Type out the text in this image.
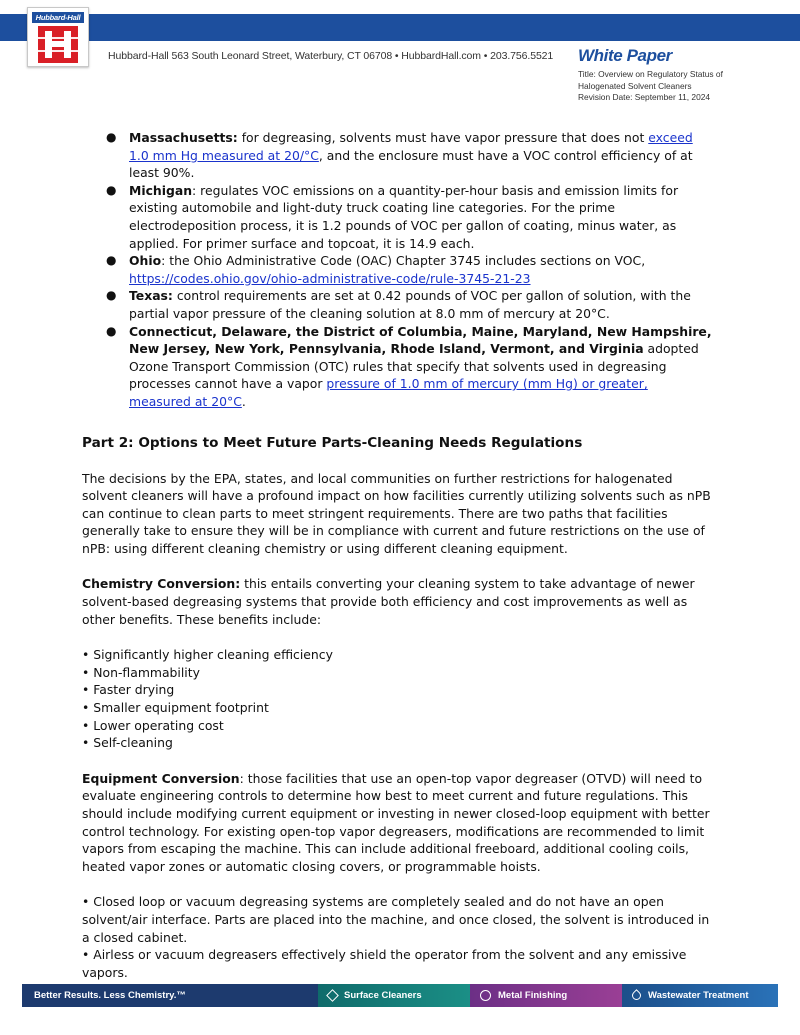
Hubbard-Hall
Hubbard-Hall 563 South Leonard Street, Waterbury, CT 06708 • HubbardHall.com • 203.756.5521 White Paper
Title: Overview on Regulatory Status of
Halogenated Solvent Cleaners
Revision Date: September 11, 2024
● Massachusetts: for degreasing, solvents must have vapor pressure that does not exceed 1.0 mm Hg measured at 20/°C, and the enclosure must have a VOC control efficiency of at least 90%.
● Michigan: regulates VOC emissions on a quantity-per-hour basis and emission limits for existing automobile and light-duty truck coating line categories. For the prime electrodeposition process, it is 1.2 pounds of VOC per gallon of coating, minus water, as applied. For primer surface and topcoat, it is 14.9 each.
● Ohio: the Ohio Administrative Code (OAC) Chapter 3745 includes sections on VOC,
https://codes.ohio.gov/ohio-administrative-code/rule-3745-21-23
● Texas: control requirements are set at 0.42 pounds of VOC per gallon of solution, with the partial vapor pressure of the cleaning solution at 8.0 mm of mercury at 20°C.
● Connecticut, Delaware, the District of Columbia, Maine, Maryland, New Hampshire, New Jersey, New York, Pennsylvania, Rhode Island, Vermont, and Virginia adopted Ozone Transport Commission (OTC) rules that specify that solvents used in degreasing processes cannot have a vapor pressure of 1.0 mm of mercury (mm Hg) or greater, measured at 20°C.
Part 2: Options to Meet Future Parts-Cleaning Needs Regulations

The decisions by the EPA, states, and local communities on further restrictions for halogenated solvent cleaners will have a profound impact on how facilities currently utilizing solvents such as nPB can continue to clean parts to meet stringent requirements. There are two paths that facilities generally take to ensure they will be in compliance with current and future restrictions on the use of nPB: using different cleaning chemistry or using different cleaning equipment.

Chemistry Conversion: this entails converting your cleaning system to take advantage of newer solvent-based degreasing systems that provide both efficiency and cost improvements as well as other benefits. These benefits include:

• Significantly higher cleaning efficiency
• Non-flammability
• Faster drying
• Smaller equipment footprint
• Lower operating cost
• Self-cleaning

Equipment Conversion: those facilities that use an open-top vapor degreaser (OTVD) will need to evaluate engineering controls to determine how best to meet current and future regulations. This should include modifying current equipment or investing in newer closed-loop equipment with better control technology. For existing open-top vapor degreasers, modifications are recommended to limit vapors from escaping the machine. This can include additional freeboard, additional cooling coils, heated vapor zones or automatic closing covers, or programmable hoists.

• Closed loop or vacuum degreasing systems are completely sealed and do not have an open solvent/air interface. Parts are placed into the machine, and once closed, the solvent is introduced in a closed cabinet.

• Airless or vacuum degreasers effectively shield the operator from the solvent and any emissive vapors.

Better Results. Less Chemistry.™	Surface Cleaners	Metal Finishing	Wastewater Treatment
